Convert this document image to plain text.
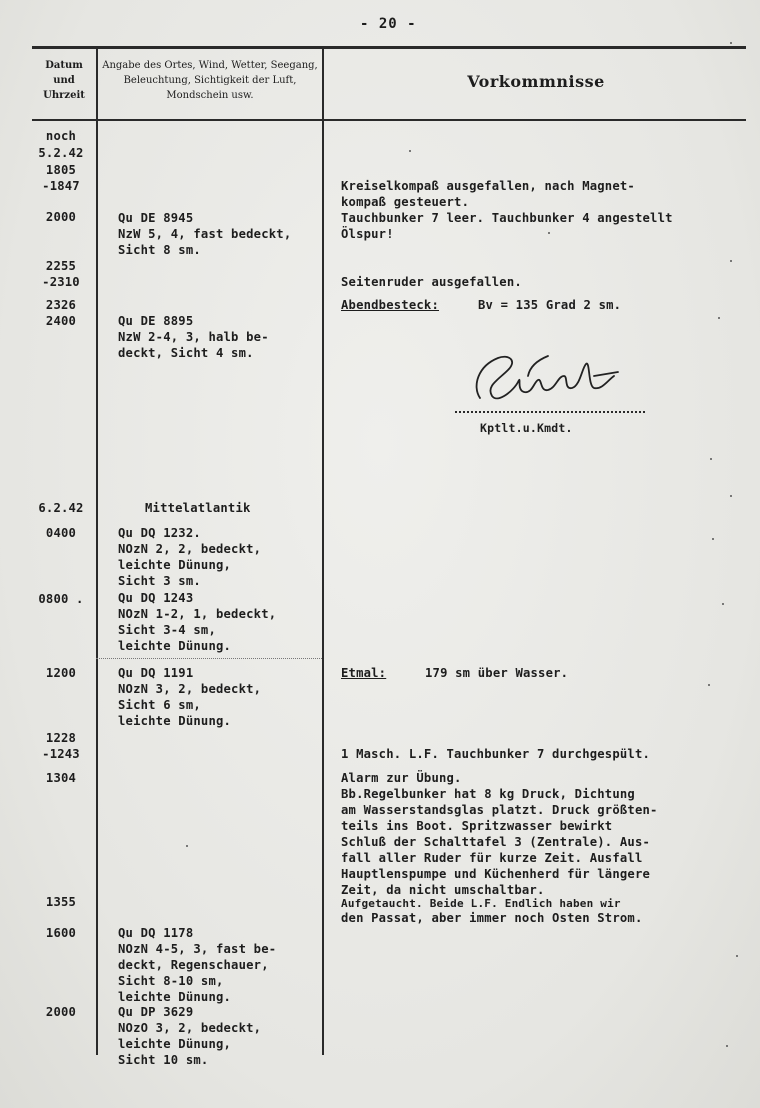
- 20 -
Datum und Uhrzeit
Angabe des Ortes, Wind, Wetter, Seegang, Beleuchtung, Sichtigkeit der Luft, Mondschein usw.
Vorkommnisse
noch
5.2.42
1805
-1847
2000
2255
-2310
2326
2400
6.2.42
0400
0800 .
1200
1228
-1243
1304
1355
1600
2000
Qu DE 8945
NzW 5, 4, fast bedeckt,
Sicht 8 sm.
Qu DE 8895
NzW 2-4, 3, halb be-
deckt, Sicht 4 sm.
Mittelatlantik
Qu DQ 1232.
NOzN 2, 2, bedeckt,
leichte Dünung,
Sicht 3 sm.
Qu DQ 1243
NOzN 1-2, 1, bedeckt,
Sicht 3-4 sm,
leichte Dünung.
Qu DQ 1191
NOzN 3, 2, bedeckt,
Sicht 6 sm,
leichte Dünung.
Qu DQ 1178
NOzN 4-5, 3, fast be-
deckt, Regenschauer,
Sicht 8-10 sm,
leichte Dünung.
Qu DP 3629
NOzO 3, 2, bedeckt,
leichte Dünung,
Sicht 10 sm.
Kreiselkompaß ausgefallen, nach Magnet-
kompaß gesteuert.
Tauchbunker 7 leer. Tauchbunker 4 angestellt
Ölspur!
Seitenruder ausgefallen.
Abendbesteck:	Bv = 135 Grad 2 sm.
Kptlt.u.Kmdt.
Etmal:	179 sm über Wasser.
1 Masch. L.F. Tauchbunker 7 durchgespült.
Alarm zur Übung.
Bb.Regelbunker hat 8 kg Druck, Dichtung
am Wasserstandsglas platzt. Druck größten-
teils ins Boot. Spritzwasser bewirkt
Schluß der Schalttafel 3 (Zentrale). Aus-
fall aller Ruder für kurze Zeit. Ausfall
Hauptlenspumpe und Küchenherd für längere
Zeit, da nicht umschaltbar.
Aufgetaucht. Beide L.F. Endlich haben wir
den Passat, aber immer noch Osten Strom.
